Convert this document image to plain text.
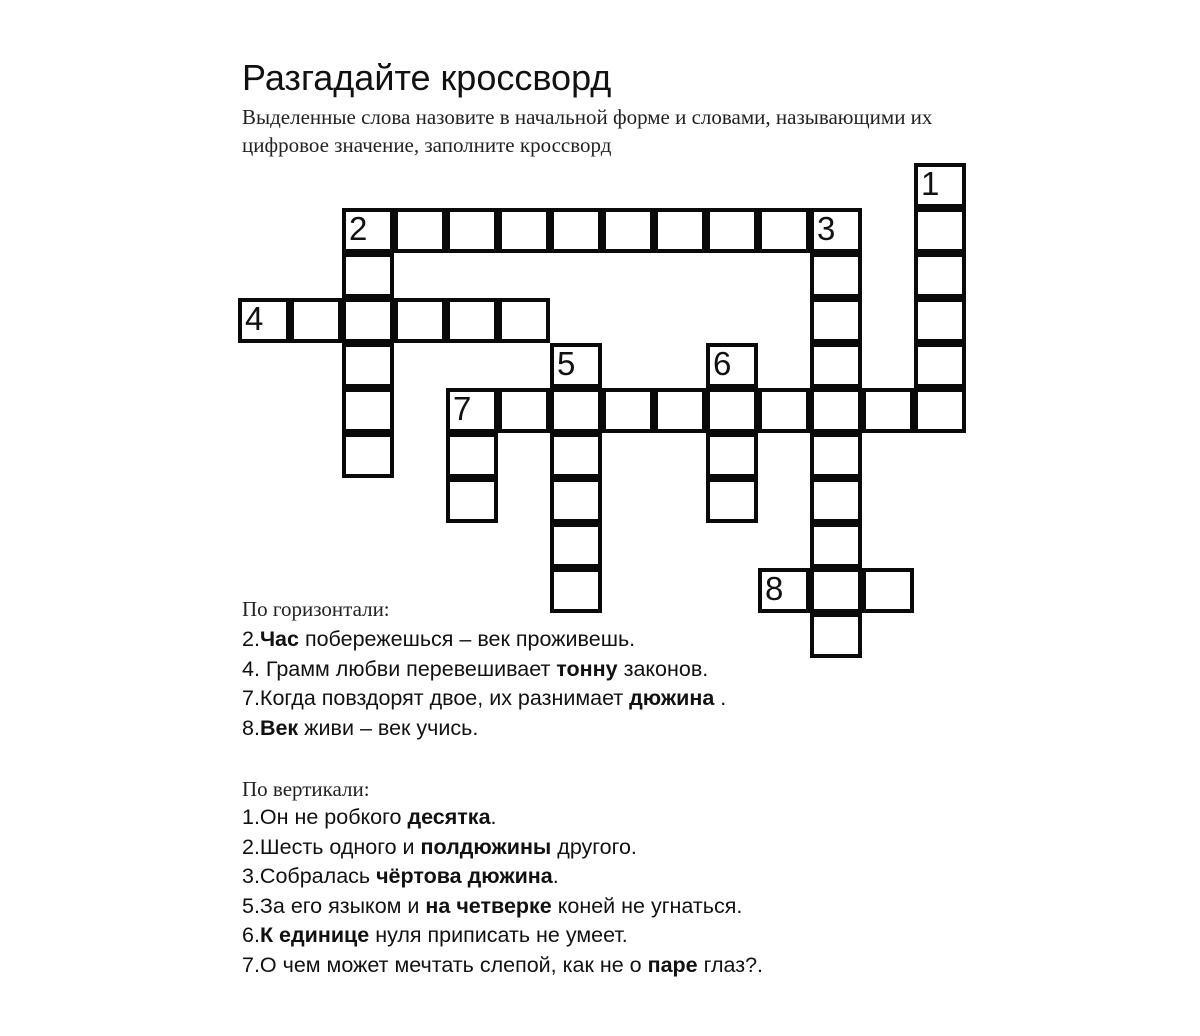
Разгадайте кроссворд
Выделенные слова назовите в начальной форме и словами, называющими их цифровое значение, заполните кроссворд
1
2	3
4
5	6
7
8
По горизонтали:
2.Час побережешься – век проживешь.
4. Грамм любви перевешивает тонну законов.
7.Когда повздорят двое, их разнимает дюжина .
8.Век живи – век учись.
По вертикали:
1.Он не робкого десятка.
2.Шесть одного и полдюжины другого.
3.Собралась чёртова дюжина.
5.За его языком и на четверке коней не угнаться.
6.К единице нуля приписать не умеет.
7.О чем может мечтать слепой, как не о паре глаз?.
